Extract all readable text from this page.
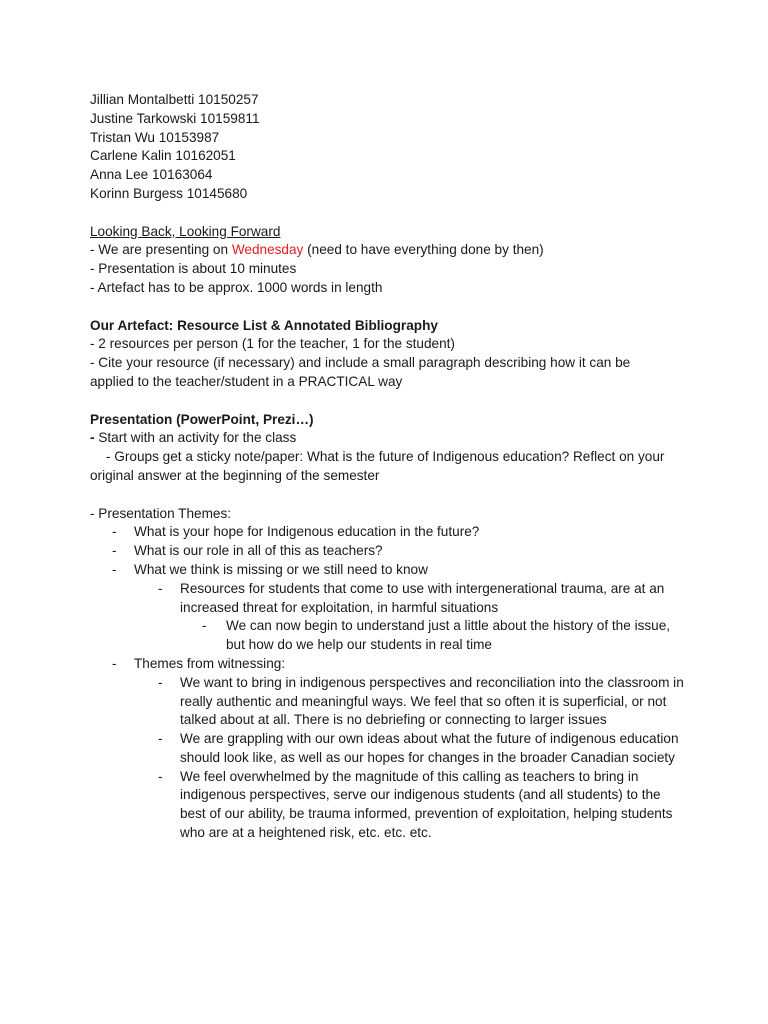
Jillian Montalbetti 10150257
Justine Tarkowski 10159811
Tristan Wu 10153987
Carlene Kalin 10162051
Anna Lee 10163064
Korinn Burgess 10145680
Looking Back, Looking Forward
- We are presenting on Wednesday (need to have everything done by then)
- Presentation is about 10 minutes
- Artefact has to be approx. 1000 words in length
Our Artefact: Resource List & Annotated Bibliography
- 2 resources per person (1 for the teacher, 1 for the student)
- Cite your resource (if necessary) and include a small paragraph describing how it can be applied to the teacher/student in a PRACTICAL way
Presentation (PowerPoint, Prezi…)
- Start with an activity for the class
- Groups get a sticky note/paper: What is the future of Indigenous education? Reflect on your original answer at the beginning of the semester
- Presentation Themes:
-	What is your hope for Indigenous education in the future?
-	What is our role in all of this as teachers?
-	What we think is missing or we still need to know
-	Resources for students that come to use with intergenerational trauma, are at an increased threat for exploitation, in harmful situations
-	We can now begin to understand just a little about the history of the issue, but how do we help our students in real time
-	Themes from witnessing:
-	We want to bring in indigenous perspectives and reconciliation into the classroom in really authentic and meaningful ways. We feel that so often it is superficial, or not talked about at all. There is no debriefing or connecting to larger issues
-	We are grappling with our own ideas about what the future of indigenous education should look like, as well as our hopes for changes in the broader Canadian society
-	We feel overwhelmed by the magnitude of this calling as teachers to bring in indigenous perspectives, serve our indigenous students (and all students) to the best of our ability, be trauma informed, prevention of exploitation, helping students who are at a heightened risk, etc. etc. etc.
